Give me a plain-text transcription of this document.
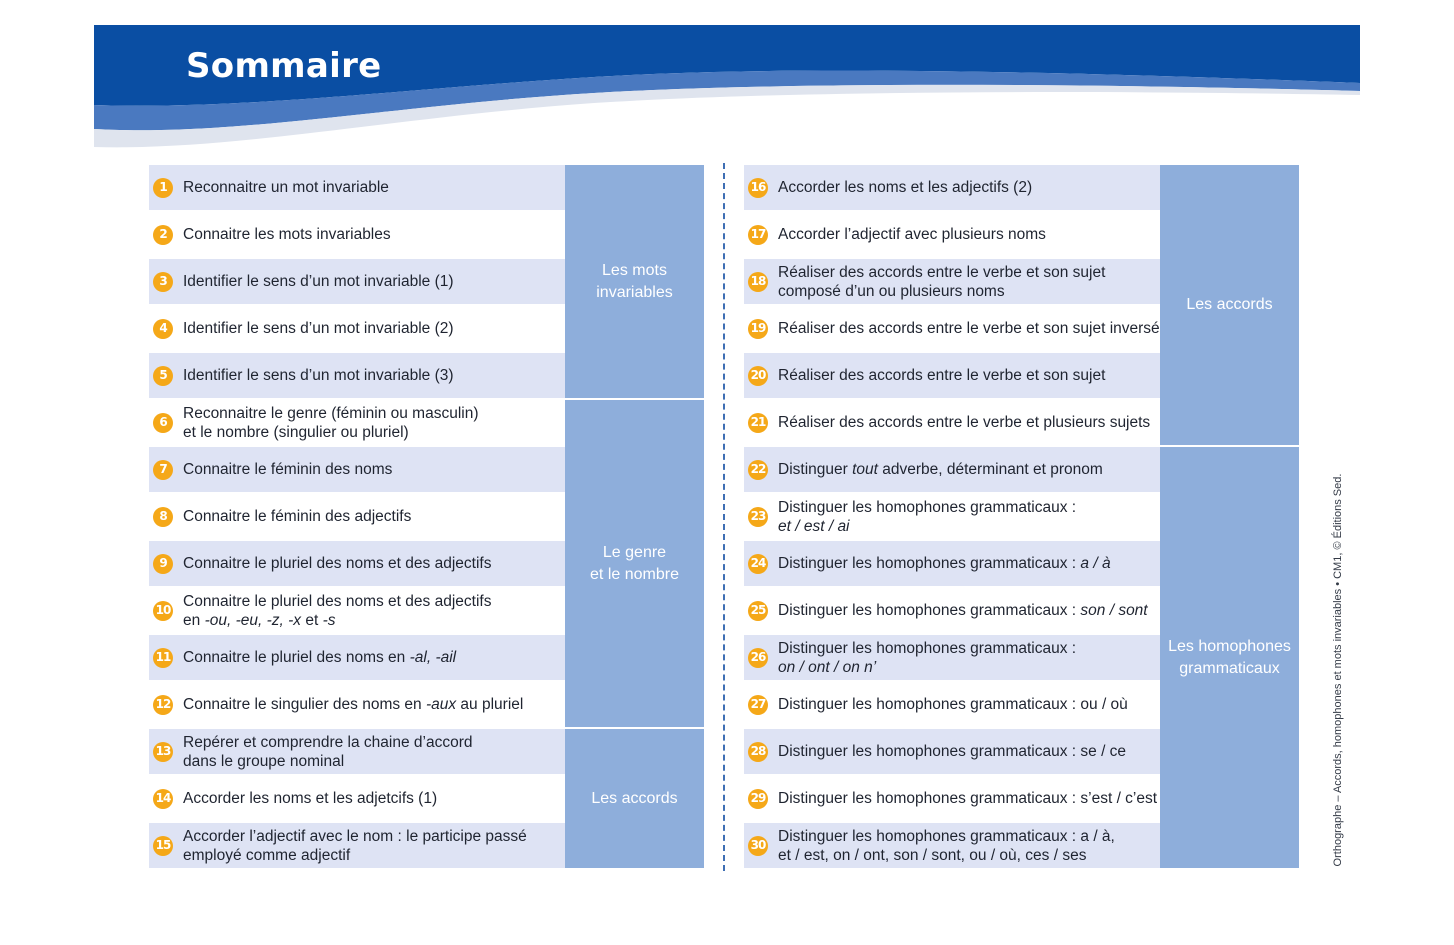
Sommaire
1	Reconnaitre un mot invariable
2	Connaitre les mots invariables
3	Identifier le sens d’un mot invariable (1)
4	Identifier le sens d’un mot invariable (2)
5	Identifier le sens d’un mot invariable (3)
6
Reconnaitre le genre (féminin ou masculin)
et le nombre (singulier ou pluriel)
7	Connaitre le féminin des noms
8	Connaitre le féminin des adjectifs
9	Connaitre le pluriel des noms et des adjectifs
10
Connaitre le pluriel des noms et des adjectifs
en -ou, -eu, -z, -x et -s
11 Connaitre le pluriel des noms en -al, -ail
12 Connaitre le singulier des noms en -aux au pluriel
13
Repérer et comprendre la chaine d’accord
dans le groupe nominal
14 Accorder les noms et les adjetcifs (1)
15
Accorder l’adjectif avec le nom : le participe passé
employé comme adjectif
Les mots
invariables
Le genre
et le nombre
Les accords
16 Accorder les noms et les adjectifs (2)
17 Accorder l’adjectif avec plusieurs noms
18
Réaliser des accords entre le verbe et son sujet
composé d’un ou plusieurs noms
19 Réaliser des accords entre le verbe et son sujet inversé
20 Réaliser des accords entre le verbe et son sujet
21 Réaliser des accords entre le verbe et plusieurs sujets
22 Distinguer tout adverbe, déterminant et pronom
23
Distinguer les homophones grammaticaux :
et / est / ai
24 Distinguer les homophones grammaticaux : a / à
25 Distinguer les homophones grammaticaux : son / sont
26
Distinguer les homophones grammaticaux :
on / ont / on n’
27 Distinguer les homophones grammaticaux : ou / où
28 Distinguer les homophones grammaticaux : se / ce
29 Distinguer les homophones grammaticaux : s’est / c’est
30
Distinguer les homophones grammaticaux : a / à,
et / est, on / ont, son / sont, ou / où, ces / ses
Les accords
Les homophones
grammaticaux	Orthographe – Accords, homophones et mots invariables • CM1, © Éditions Sed.
